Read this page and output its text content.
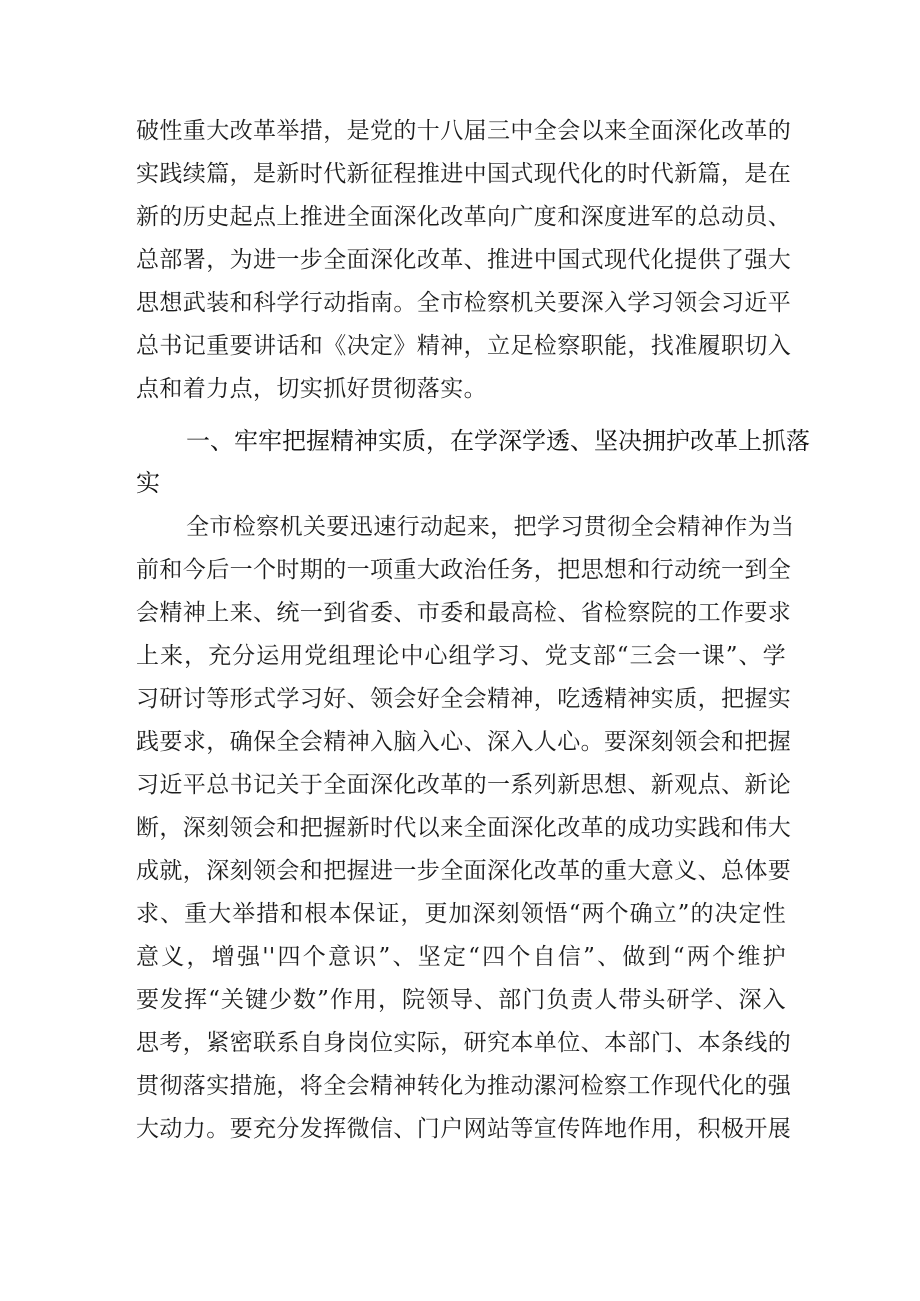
破性重大改革举措，是党的十八届三中全会以来全面深化改革的

实践续篇，是新时代新征程推进中国式现代化的时代新篇，是在

新的历史起点上推进全面深化改革向广度和深度进军的总动员、

总部署，为进一步全面深化改革、推进中国式现代化提供了强大

思想武装和科学行动指南。全市检察机关要深入学习领会习近平

总书记重要讲话和《决定》精神，立足检察职能，找准履职切入

点和着力点，切实抓好贯彻落实。

一、牢牢把握精神实质，在学深学透、坚决拥护改革上抓落

实

全市检察机关要迅速行动起来，把学习贯彻全会精神作为当

前和今后一个时期的一项重大政治任务，把思想和行动统一到全

会精神上来、统一到省委、市委和最高检、省检察院的工作要求

上来，充分运用党组理论中心组学习、党支部“三会一课”、学

习研讨等形式学习好、领会好全会精神，吃透精神实质，把握实

践要求，确保全会精神入脑入心、深入人心。要深刻领会和把握

习近平总书记关于全面深化改革的一系列新思想、新观点、新论

断，深刻领会和把握新时代以来全面深化改革的成功实践和伟大

成就，深刻领会和把握进一步全面深化改革的重大意义、总体要

求、重大举措和根本保证，更加深刻领悟“两个确立”的决定性

意义，增强''四个意识”、坚定“四个自信”、做到“两个维护

要发挥“关键少数”作用，院领导、部门负责人带头研学、深入

思考，紧密联系自身岗位实际，研究本单位、本部门、本条线的

贯彻落实措施，将全会精神转化为推动漯河检察工作现代化的强

大动力。要充分发挥微信、门户网站等宣传阵地作用，积极开展
